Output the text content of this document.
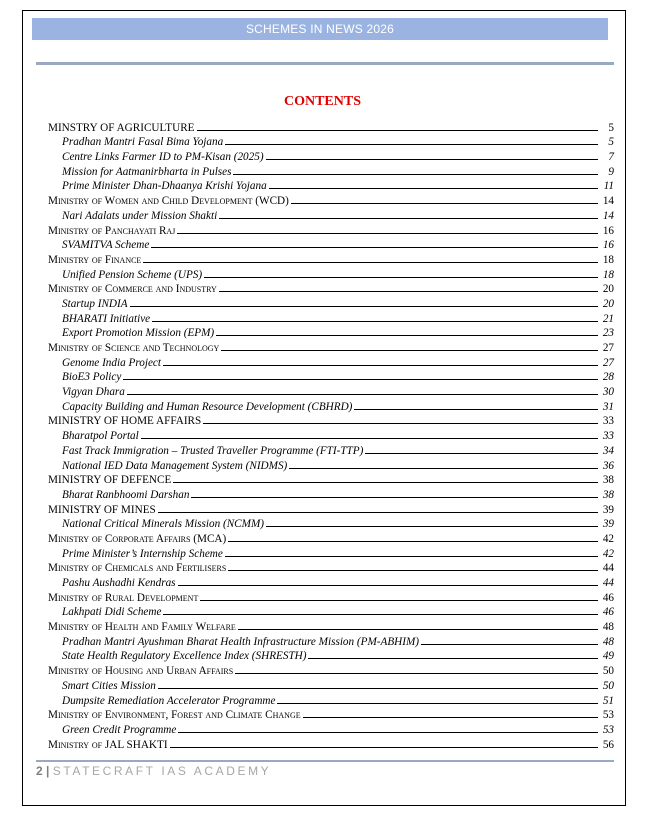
SCHEMES IN NEWS 2026
CONTENTS
MINSTRY OF AGRICULTURE	5
Pradhan Mantri Fasal Bima Yojana	5
Centre Links Farmer ID to PM-Kisan (2025)	7
Mission for Aatmanirbharta in Pulses	9
Prime Minister Dhan-Dhaanya Krishi Yojana	11
Ministry of Women and Child Development (WCD)	14
Nari Adalats under Mission Shakti	14
Ministry of Panchayati Raj	16
SVAMITVA Scheme	16
Ministry of Finance	18
Unified Pension Scheme (UPS)	18
Ministry of Commerce and Industry	20
Startup INDIA	20
BHARATI Initiative	21
Export Promotion Mission (EPM)	23
Ministry of Science and Technology	27
Genome India Project	27
BioE3 Policy	28
Vigyan Dhara	30
Capacity Building and Human Resource Development (CBHRD)	31
MINISTRY OF HOME AFFAIRS	33
Bharatpol Portal	33
Fast Track Immigration – Trusted Traveller Programme (FTI-TTP)	34
National IED Data Management System (NIDMS)	36
MINISTRY OF DEFENCE	38
Bharat Ranbhoomi Darshan	38
MINISTRY OF MINES	39
National Critical Minerals Mission (NCMM)	39
Ministry of Corporate Affairs (MCA)	42
Prime Minister’s Internship Scheme	42
Ministry of Chemicals and Fertilisers	44
Pashu Aushadhi Kendras	44
Ministry of Rural Development	46
Lakhpati Didi Scheme	46
Ministry of Health and Family Welfare	48
Pradhan Mantri Ayushman Bharat Health Infrastructure Mission (PM-ABHIM)	48
State Health Regulatory Excellence Index (SHRESTH)	49
Ministry of Housing and Urban Affairs	50
Smart Cities Mission	50
Dumpsite Remediation Accelerator Programme	51
Ministry of Environment, Forest and Climate Change	53
Green Credit Programme	53
Ministry of JAL SHAKTI	56
2 | STATECRAFT IAS ACADEMY
